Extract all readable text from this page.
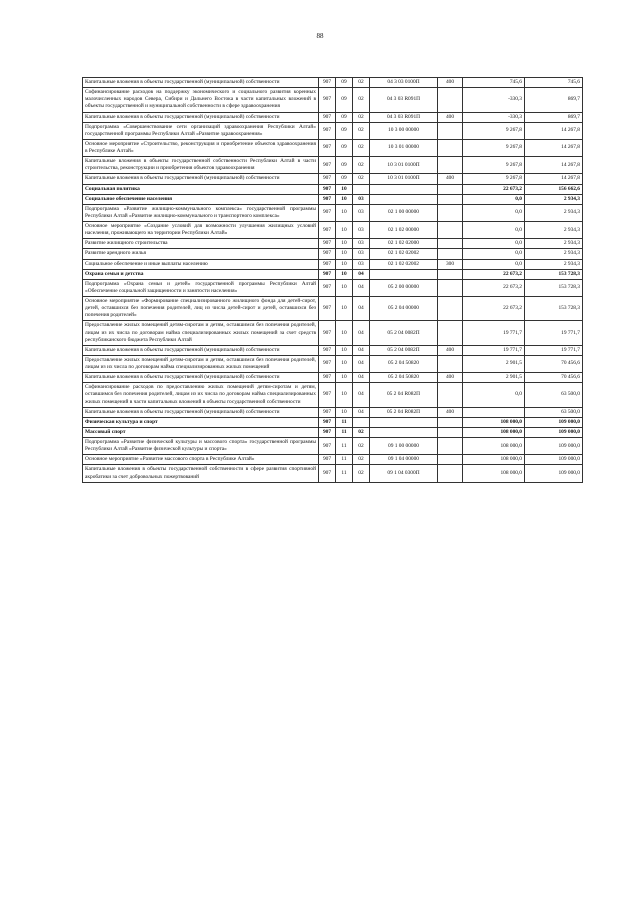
88
Капитальные вложения в объекты государственной (муниципальной) собственности	907	09	02	04 3 03 0100П	400	745,6	745,6
Софинансирование расходов на поддержку экономического и социального развития коренных малочисленных народов Севера, Сибири и Дальнего Востока в части капитальных вложений в объекты государственной и муниципальной собственности в сфере здравоохранения	907	09	02	04 3 03 R091П		-330,3	869,7
Капитальные вложения в объекты государственной (муниципальной) собственности	907	09	02	04 3 03 R091П	400	-330,3	869,7
Подпрограмма «Совершенствование сети организаций здравоохранения Республики Алтай» государственной программы Республики Алтай «Развитие здравоохранения»	907	09	02	10 3 00 00000		9 267,8	14 267,8
Основное мероприятие «Строительство, реконструкция и приобретение объектов здравоохранения в Республике Алтай»	907	09	02	10 3 01 00000		9 267,8	14 267,8
Капитальные вложения в объекты государственной собственности Республики Алтай в части строительства, реконструкции и приобретения объектов здравоохранения	907	09	02	10 3 01 0100П		9 267,8	14 267,8
Капитальные вложения в объекты государственной (муниципальной) собственности	907	09	02	10 3 01 0100П	400	9 267,8	14 267,8
Социальная политика	907	10				22 673,2	156 662,6
Социальное обеспечение населения	907	10	03			0,0	2 934,3
Подпрограмма «Развитие жилищно-коммунального комплекса» государственной программы Республики Алтай «Развитие жилищно-коммунального и транспортного комплекса»	907	10	03	02 1 00 00000		0,0	2 934,3
Основное мероприятие «Создание условий для возможности улучшения жилищных условий населения, проживающего на территории Республики Алтай»	907	10	03	02 1 02 00000		0,0	2 934,3
Развитие жилищного строительства	907	10	03	02 1 02 02000		0,0	2 934,3
Развитие арендного жилья	907	10	03	02 1 02 02002		0,0	2 934,3
Социальное обеспечение и иные выплаты населению	907	10	03	02 1 02 02002	300	0,0	2 934,3
Охрана семьи и детства	907	10	04			22 673,2	153 728,3
Подпрограмма «Охрана семьи и детей» государственной программы Республики Алтай «Обеспечение социальной защищенности и занятости населения»	907	10	04	05 2 00 00000		22 673,2	153 728,3
Основное мероприятие «Формирование специализированного жилищного фонда для детей-сирот, детей, оставшихся без попечения родителей, лиц из числа детей-сирот и детей, оставшихся без попечения родителей»	907	10	04	05 2 04 00000		22 673,2	153 728,3
Предоставление жилых помещений детям-сиротам и детям, оставшимся без попечения родителей, лицам из их числа по договорам найма специализированных жилых помещений за счет средств республиканского бюджета Республики Алтай	907	10	04	05 2 04 0082П		19 771,7	19 771,7
Капитальные вложения в объекты государственной (муниципальной) собственности	907	10	04	05 2 04 0082П	400	19 771,7	19 771,7
Предоставление жилых помещений детям-сиротам и детям, оставшимся без попечения родителей, лицам из их числа по договорам найма специализированных жилых помещений	907	10	04	05 2 04 50820		2 901,5	70 456,6
Капитальные вложения в объекты государственной (муниципальной) собственности	907	10	04	05 2 04 50820	400	2 901,5	70 456,6
Софинансирование расходов по предоставлению жилых помещений детям-сиротам и детям, оставшимся без попечения родителей, лицам из их числа по договорам найма специализированных жилых помещений в части капитальных вложений в объекты государственной собственности	907	10	04	05 2 04 R082П		0,0	63 500,0
Капитальные вложения в объекты государственной (муниципальной) собственности	907	10	04	05 2 04 R082П	400		63 500,0
Физическая культура и спорт	907	11				108 000,0	109 000,0
Массовый спорт	907	11	02			108 000,0	109 000,0
Подпрограмма «Развитие физической культуры и массового спорта» государственной программы Республики Алтай «Развитие физической культуры и спорта»	907	11	02	09 1 00 00000		108 000,0	109 000,0
Основное мероприятие «Развитие массового спорта в Республике Алтай»	907	11	02	09 1 04 00000		108 000,0	109 000,0
Капитальные вложения в объекты государственной собственности в сфере развития спортивной акробатики за счет добровольных пожертвований	907	11	02	09 1 04 0300П		108 000,0	109 000,0
